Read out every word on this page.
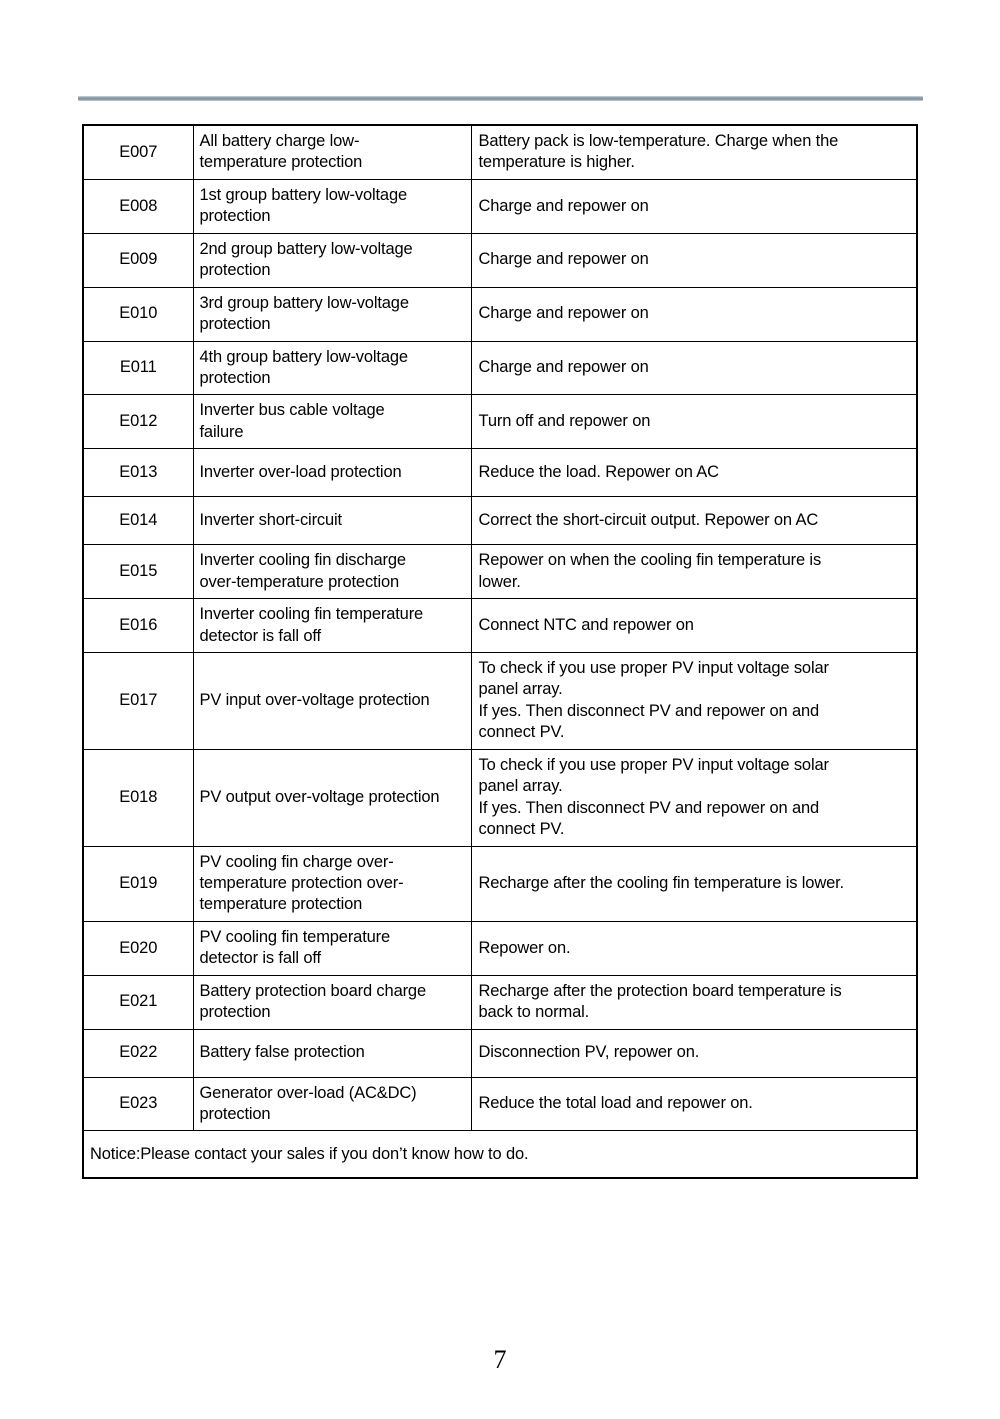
E007	All battery charge low-
temperature protection	Battery pack is low-temperature. Charge when the
temperature is higher.

E008	1st group battery low-voltage
protection	Charge and repower on

E009	2nd group battery low-voltage
protection	Charge and repower on

E010	3rd group battery low-voltage
protection	Charge and repower on

E011	4th group battery low-voltage
protection	Charge and repower on

E012	Inverter bus cable voltage
failure	Turn off and repower on

E013	Inverter over-load protection	Reduce the load. Repower on AC

E014	Inverter short-circuit	Correct the short-circuit output. Repower on AC

E015	Inverter cooling fin discharge
over-temperature protection	Repower on when the cooling fin temperature is
lower.

E016	Inverter cooling fin temperature
detector is fall off	Connect NTC and repower on

E017	PV input over-voltage protection	To check if you use proper PV input voltage solar
panel array.
If yes. Then disconnect PV and repower on and
connect PV.

E018	PV output over-voltage protection	To check if you use proper PV input voltage solar
panel array.
If yes. Then disconnect PV and repower on and
connect PV.

E019	PV cooling fin charge over-
temperature protection over-
temperature protection	Recharge after the cooling fin temperature is lower.

E020	PV cooling fin temperature
detector is fall off	Repower on.

E021	Battery protection board charge
protection	Recharge after the protection board temperature is
back to normal.

E022	Battery false protection	Disconnection PV, repower on.

E023	Generator over-load (AC&DC)
protection	Reduce the total load and repower on.

Notice:Please contact your sales if you don’t know how to do.		
7
